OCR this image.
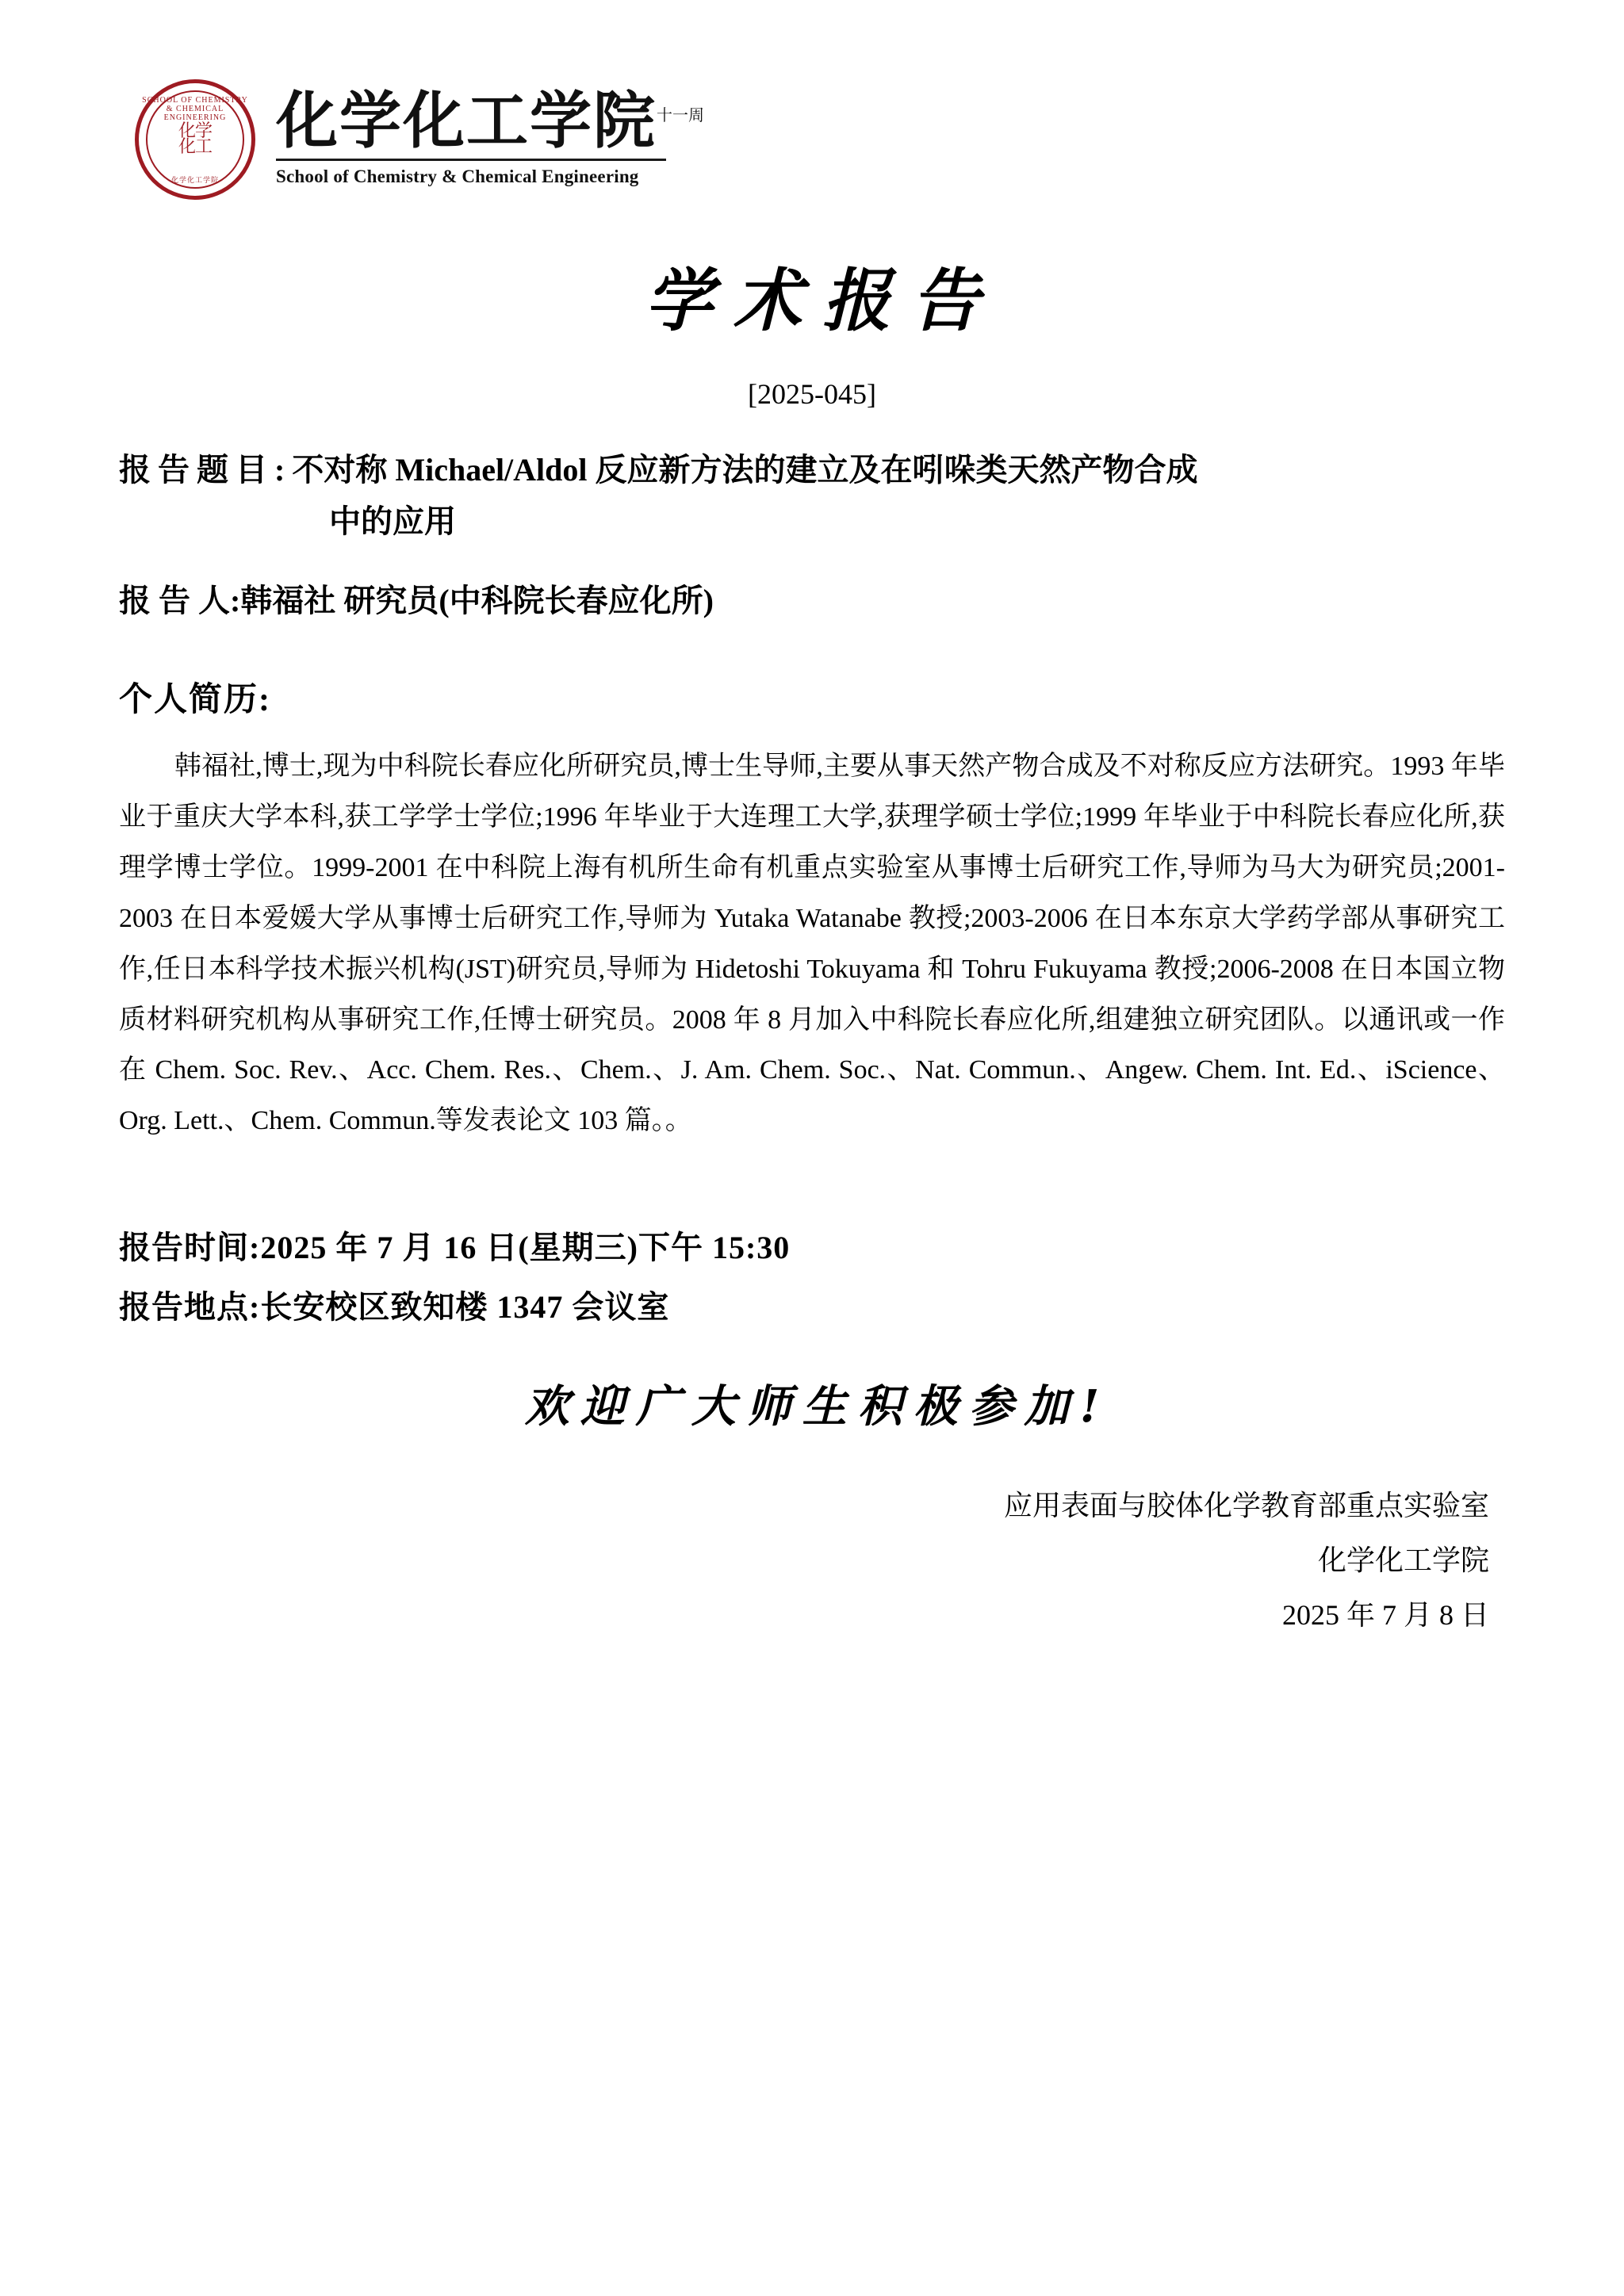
SCHOOL OF CHEMISTRY & CHEMICAL ENGINEERING
化学
化工
化学化工学院
化学化工学院$^{十一周}$
School of Chemistry & Chemical Engineering
学术报告
[2025-045]
报告题目: 不对称 Michael/Aldol 反应新方法的建立及在吲哚类天然产物合成
中的应用
报 告 人: 韩福社 研究员(中科院长春应化所)
个人简历:
韩福社,博士,现为中科院长春应化所研究员,博士生导师,主要从事天然产物合成及不对称反应方法研究。1993 年毕业于重庆大学本科,获工学学士学位;1996 年毕业于大连理工大学,获理学硕士学位;1999 年毕业于中科院长春应化所,获理学博士学位。1999-2001 在中科院上海有机所生命有机重点实验室从事博士后研究工作,导师为马大为研究员;2001-2003 在日本爱媛大学从事博士后研究工作,导师为 Yutaka Watanabe 教授;2003-2006 在日本东京大学药学部从事研究工作,任日本科学技术振兴机构(JST)研究员,导师为 Hidetoshi Tokuyama 和 Tohru Fukuyama 教授;2006-2008 在日本国立物质材料研究机构从事研究工作,任博士研究员。2008 年 8 月加入中科院长春应化所,组建独立研究团队。以通讯或一作在 Chem. Soc. Rev.、Acc. Chem. Res.、Chem.、J. Am. Chem. Soc.、Nat. Commun.、Angew. Chem. Int. Ed.、iScience、Org. Lett.、Chem. Commun.等发表论文 103 篇。。
报告时间:2025 年 7 月 16 日(星期三)下午 15:30
报告地点:长安校区致知楼 1347 会议室
欢迎广大师生积极参加!
应用表面与胶体化学教育部重点实验室
化学化工学院
2025 年 7 月 8 日
